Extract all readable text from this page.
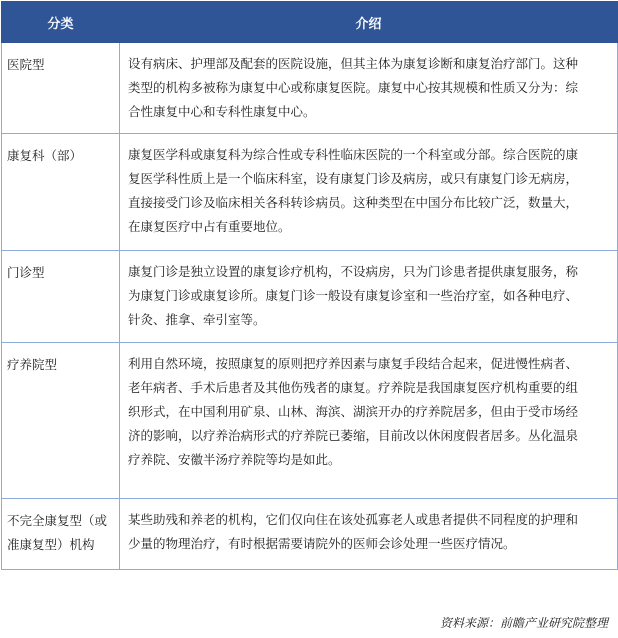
分类	介绍
医院型	设有病床、护理部及配套的医院设施，但其主体为康复诊断和康复治疗部门。这种
类型的机构多被称为康复中心或称康复医院。康复中心按其规模和性质又分为：综
合性康复中心和专科性康复中心。

康复科（部）	康复医学科或康复科为综合性或专科性临床医院的一个科室或分部。综合医院的康
复医学科性质上是一个临床科室，设有康复门诊及病房，或只有康复门诊无病房，
直接接受门诊及临床相关各科转诊病员。这种类型在中国分布比较广泛，数量大，
在康复医疗中占有重要地位。

门诊型	康复门诊是独立设置的康复诊疗机构，不设病房，只为门诊患者提供康复服务，称
为康复门诊或康复诊所。康复门诊一般设有康复诊室和一些治疗室，如各种电疗、
针灸、推拿、牵引室等。

疗养院型	利用自然环境，按照康复的原则把疗养因素与康复手段结合起来，促进慢性病者、
老年病者、手术后患者及其他伤残者的康复。疗养院是我国康复医疗机构重要的组
织形式，在中国利用矿泉、山林、海滨、湖滨开办的疗养院居多，但由于受市场经
济的影响，以疗养治病形式的疗养院已萎缩，目前改以休闲度假者居多。丛化温泉
疗养院、安徽半汤疗养院等均是如此。

不完全康复型（或
准康复型）机构	某些助残和养老的机构，它们仅向住在该处孤寡老人或患者提供不同程度的护理和
少量的物理治疗，有时根据需要请院外的医师会诊处理一些医疗情况。
资料来源：前瞻产业研究院整理
